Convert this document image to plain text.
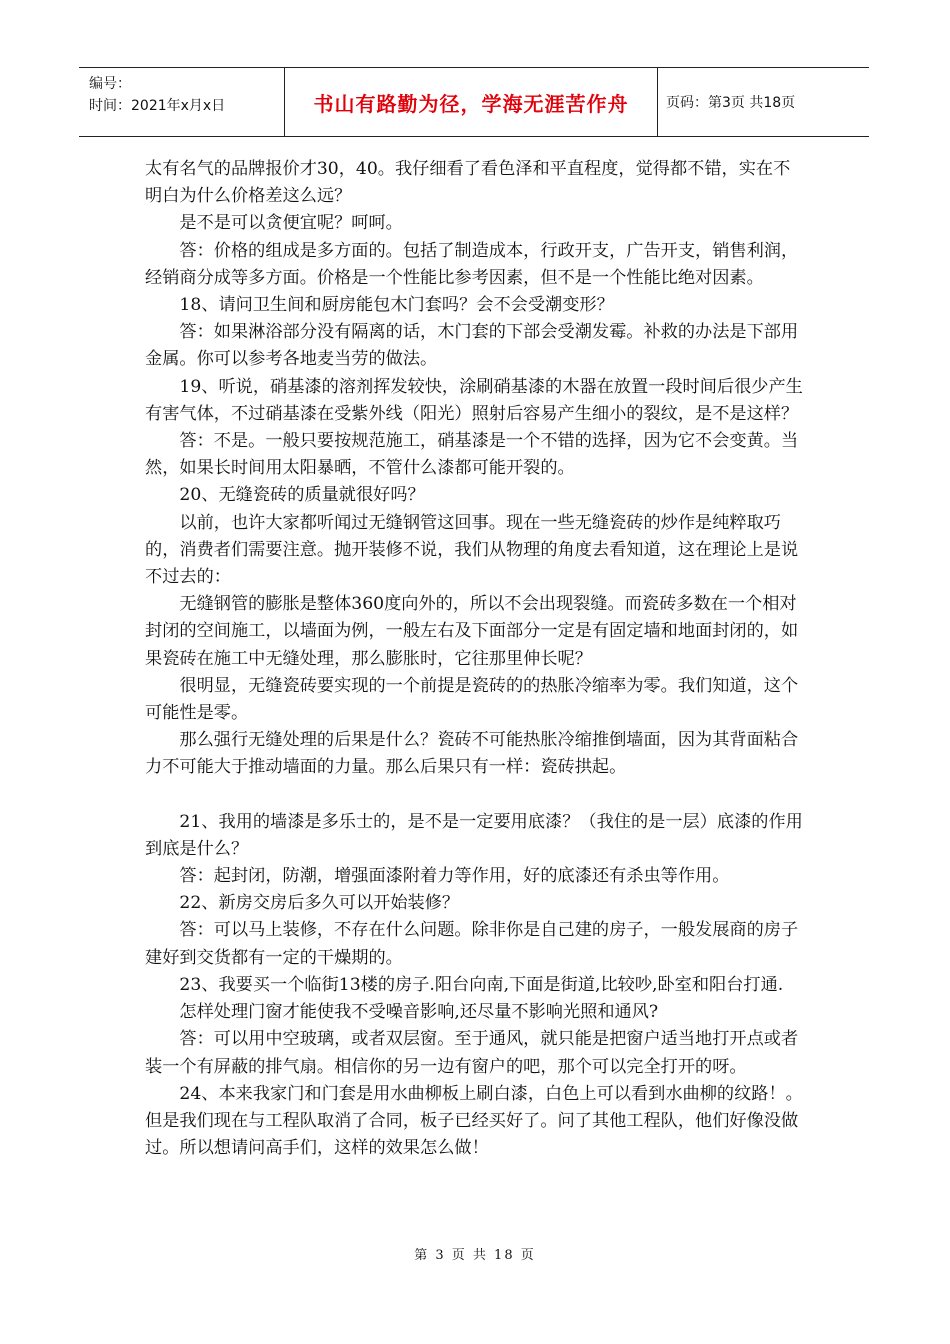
编号：
时间：2021年x月x日	书山有路勤为径，学海无涯苦作舟	页码：第3页 共18页

太有名气的品牌报价才30，40。我仔细看了看色泽和平直程度，觉得都不错，实在不明白为什么价格差这么远？

是不是可以贪便宜呢？呵呵。

答：价格的组成是多方面的。包括了制造成本，行政开支，广告开支，销售利润，经销商分成等多方面。价格是一个性能比参考因素，但不是一个性能比绝对因素。

18、请问卫生间和厨房能包木门套吗？会不会受潮变形？

答：如果淋浴部分没有隔离的话，木门套的下部会受潮发霉。补救的办法是下部用金属。你可以参考各地麦当劳的做法。

19、听说，硝基漆的溶剂挥发较快，涂刷硝基漆的木器在放置一段时间后很少产生有害气体，不过硝基漆在受紫外线（阳光）照射后容易产生细小的裂纹，是不是这样？

答：不是。一般只要按规范施工，硝基漆是一个不错的选择，因为它不会变黄。当然，如果长时间用太阳暴晒，不管什么漆都可能开裂的。

20、无缝瓷砖的质量就很好吗？

以前，也许大家都听闻过无缝钢管这回事。现在一些无缝瓷砖的炒作是纯粹取巧的，消费者们需要注意。抛开装修不说，我们从物理的角度去看知道，这在理论上是说不过去的：

无缝钢管的膨胀是整体360度向外的，所以不会出现裂缝。而瓷砖多数在一个相对封闭的空间施工，以墙面为例，一般左右及下面部分一定是有固定墙和地面封闭的，如果瓷砖在施工中无缝处理，那么膨胀时，它往那里伸长呢？

很明显，无缝瓷砖要实现的一个前提是瓷砖的的热胀冷缩率为零。我们知道，这个可能性是零。

那么强行无缝处理的后果是什么？瓷砖不可能热胀冷缩推倒墙面，因为其背面粘合力不可能大于推动墙面的力量。那么后果只有一样：瓷砖拱起。

21、我用的墙漆是多乐士的，是不是一定要用底漆？（我住的是一层）底漆的作用到底是什么？

答：起封闭，防潮，增强面漆附着力等作用，好的底漆还有杀虫等作用。

22、新房交房后多久可以开始装修？

答：可以马上装修，不存在什么问题。除非你是自己建的房子，一般发展商的房子建好到交货都有一定的干燥期的。

23、我要买一个临街13楼的房子.阳台向南,下面是街道,比较吵,卧室和阳台打通.

怎样处理门窗才能使我不受噪音影响,还尽量不影响光照和通风?

答：可以用中空玻璃，或者双层窗。至于通风，就只能是把窗户适当地打开点或者装一个有屏蔽的排气扇。相信你的另一边有窗户的吧，那个可以完全打开的呀。

24、本来我家门和门套是用水曲柳板上刷白漆，白色上可以看到水曲柳的纹路！。但是我们现在与工程队取消了合同，板子已经买好了。问了其他工程队，他们好像没做过。所以想请问高手们，这样的效果怎么做！

第 3 页 共 18 页
